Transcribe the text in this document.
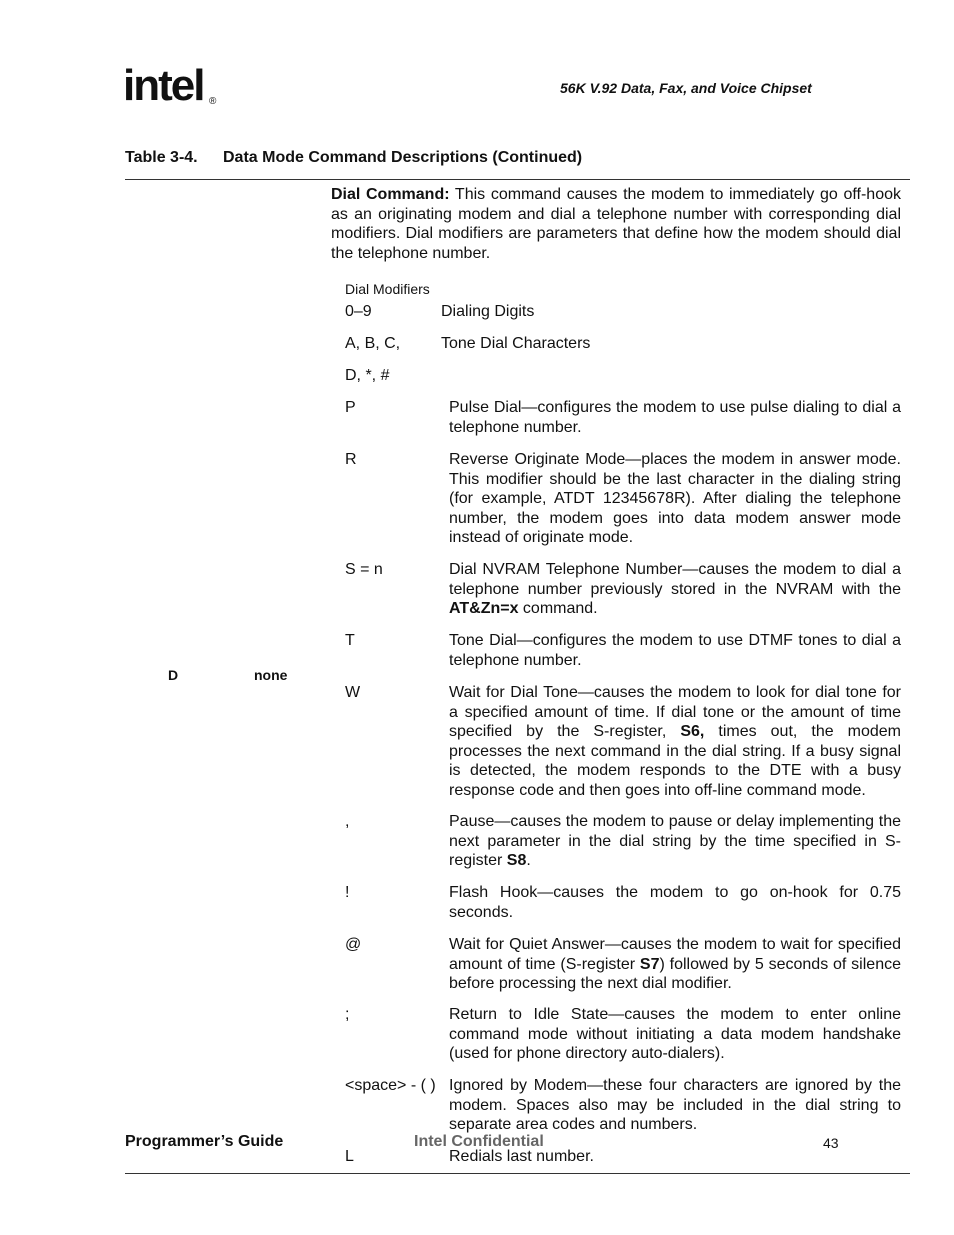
intel ®
56K V.92 Data, Fax, and Voice Chipset
Table 3-4. Data Mode Command Descriptions (Continued)
D	none
Dial Command: This command causes the modem to immediately go off-hook as an originating modem and dial a telephone number with corresponding dial modifiers. Dial modifiers are parameters that define how the modem should dial the telephone number.
Dial Modifiers
0–9	Dialing Digits
A, B, C,	Tone Dial Characters
D, *, #
P	Pulse Dial—configures the modem to use pulse dialing to dial a telephone number.
R	Reverse Originate Mode—places the modem in answer mode. This modifier should be the last character in the dialing string (for example, ATDT 12345678R). After dialing the telephone number, the modem goes into data modem answer mode instead of originate mode.
S = n	Dial NVRAM Telephone Number—causes the modem to dial a telephone number previously stored in the NVRAM with the AT&Zn=x command.
T	Tone Dial—configures the modem to use DTMF tones to dial a telephone number.
W	Wait for Dial Tone—causes the modem to look for dial tone for a specified amount of time. If dial tone or the amount of time specified by the S-register, S6, times out, the modem processes the next command in the dial string. If a busy signal is detected, the modem responds to the DTE with a busy response code and then goes into off-line command mode.
,	Pause—causes the modem to pause or delay implementing the next parameter in the dial string by the time specified in S-register S8.
!	Flash Hook—causes the modem to go on-hook for 0.75 seconds.
@	Wait for Quiet Answer—causes the modem to wait for specified amount of time (S-register S7) followed by 5 seconds of silence before processing the next dial modifier.
;	Return to Idle State—causes the modem to enter online command mode without initiating a data modem handshake (used for phone directory auto-dialers).
<space> - ( ) Ignored by Modem—these four characters are ignored by the modem. Spaces also may be included in the dial string to separate area codes and numbers.
L	Redials last number.
Programmer’s Guide	Intel Confidential	43
